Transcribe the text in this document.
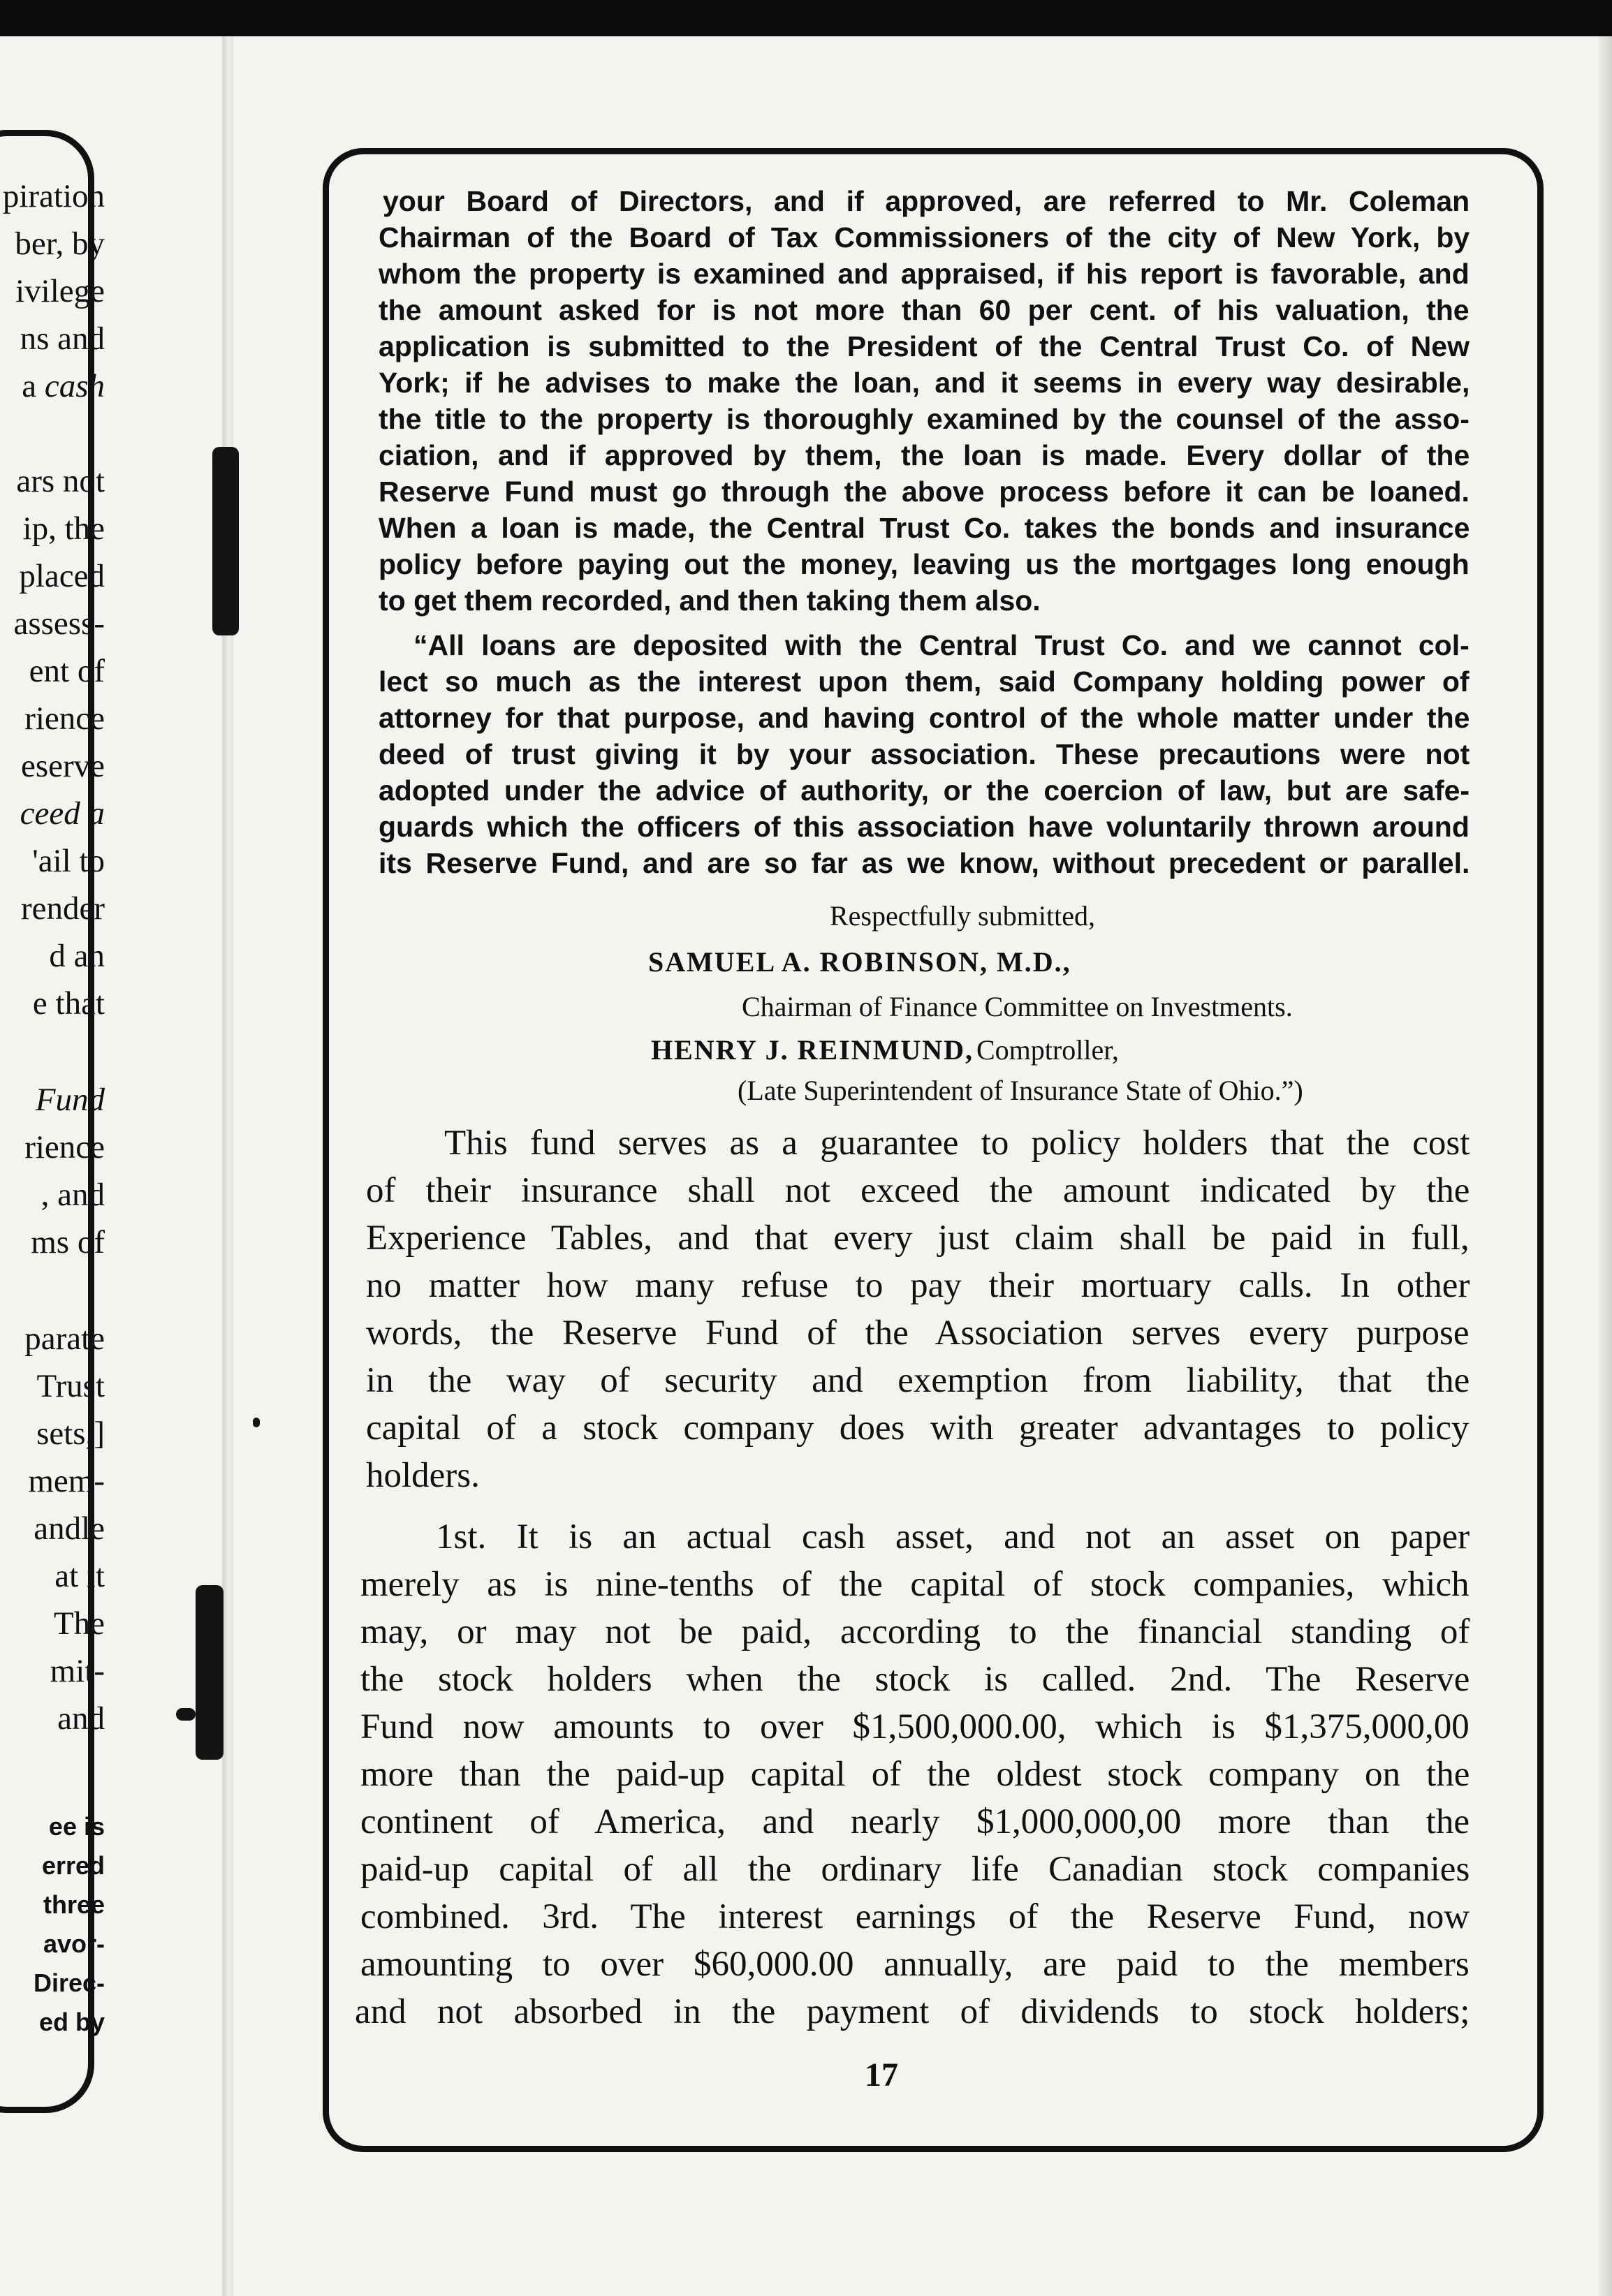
piration
ber, by
ivilege
ns and
a cash
ars not
ip, the
placed
assess-
ent of
rience
eserve
ceed a
'ail to
render
d an
e that
Fund
rience
, and
ms of
parate
Trust
sets,]
mem-
andle
at it
The
mit-
and
ee is
erred
three
avor-
Direc-
ed by
your Board of Directors, and if approved, are referred to Mr. Coleman
Chairman of the Board of Tax Commissioners of the city of New York, by
whom the property is examined and appraised, if his report is favorable, and
the amount asked for is not more than 60 per cent. of his valuation, the
application is submitted to the President of the Central Trust Co. of New
York; if he advises to make the loan, and it seems in every way desirable,
the title to the property is thoroughly examined by the counsel of the asso-
ciation, and if approved by them, the loan is made. Every dollar of the
Reserve Fund must go through the above process before it can be loaned.
When a loan is made, the Central Trust Co. takes the bonds and insurance
policy before paying out the money, leaving us the mortgages long enough
to get them recorded, and then taking them also.
“All loans are deposited with the Central Trust Co. and we cannot col-
lect so much as the interest upon them, said Company holding power of
attorney for that purpose, and having control of the whole matter under the
deed of trust giving it by your association. These precautions were not
adopted under the advice of authority, or the coercion of law, but are safe-
guards which the officers of this association have voluntarily thrown around
its Reserve Fund, and are so far as we know, without precedent or parallel.
Respectfully submitted,
SAMUEL A. ROBINSON, M.D.,
Chairman of Finance Committee on Investments.
HENRY J. REINMUND, Comptroller,
(Late Superintendent of Insurance State of Ohio.”)
This fund serves as a guarantee to policy holders that the cost
of their insurance shall not exceed the amount indicated by the
Experience Tables, and that every just claim shall be paid in full,
no matter how many refuse to pay their mortuary calls. In other
words, the Reserve Fund of the Association serves every purpose
in the way of security and exemption from liability, that the
capital of a stock company does with greater advantages to policy
holders.
1st. It is an actual cash asset, and not an asset on paper
merely as is nine-tenths of the capital of stock companies, which
may, or may not be paid, according to the financial standing of
the stock holders when the stock is called. 2nd. The Reserve
Fund now amounts to over $1,500,000.00, which is $1,375,000,00
more than the paid-up capital of the oldest stock company on the
continent of America, and nearly $1,000,000,00 more than the
paid-up capital of all the ordinary life Canadian stock companies
combined. 3rd. The interest earnings of the Reserve Fund, now
amounting to over $60,000.00 annually, are paid to the members
and not absorbed in the payment of dividends to stock holders;
17
